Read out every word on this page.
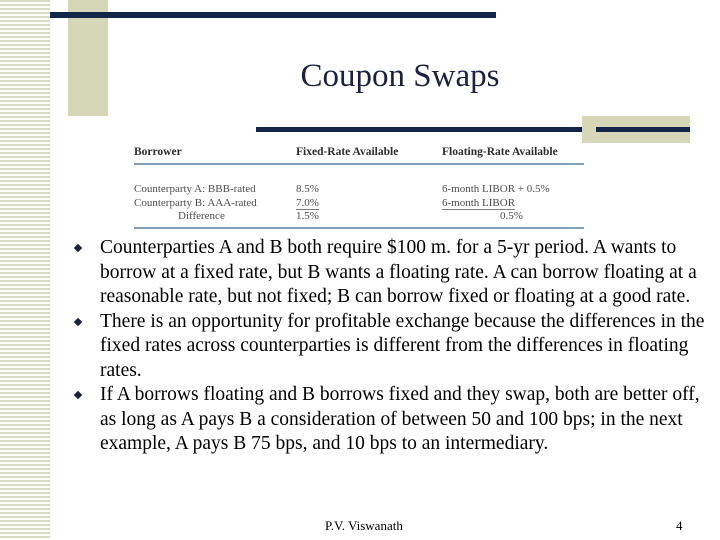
Coupon Swaps
Borrower	Fixed-Rate Available	Floating-Rate Available
Counterparty A: BBB-rated	8.5%	6-month LIBOR + 0.5%
Counterparty B: AAA-rated	7.0%	6-month LIBOR
Difference	1.5%	0.5%

Counterparties A and B both require $100 m. for a 5-yr period. A wants to borrow at a fixed rate, but B wants a floating rate. A can borrow floating at a reasonable rate, but not fixed; B can borrow fixed or floating at a good rate.
There is an opportunity for profitable exchange because the differences in the fixed rates across counterparties is different from the differences in floating rates.
If A borrows floating and B borrows fixed and they swap, both are better off, as long as A pays B a consideration of between 50 and 100 bps; in the next example, A pays B 75 bps, and 10 bps to an intermediary.
P.V. Viswanath	4
